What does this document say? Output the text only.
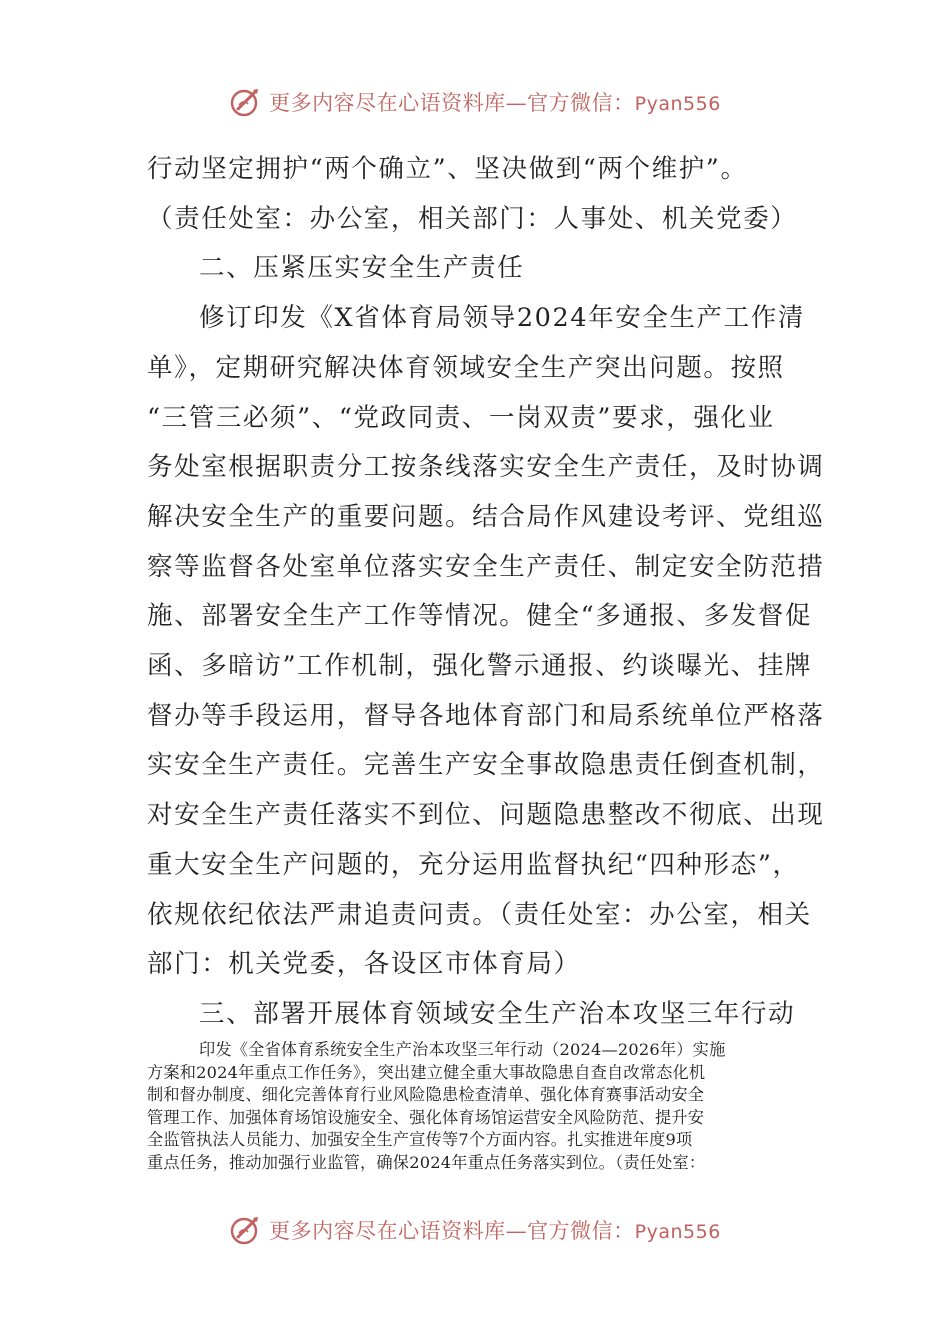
更多内容尽在心语资料库—官方微信：Pyan556

行动坚定拥护“两个确立”、坚决做到“两个维护”。

（责任处室：办公室，相关部门：人事处、机关党委）

二、压紧压实安全生产责任

修订印发《X省体育局领导2024年安全生产工作清

单》，定期研究解决体育领域安全生产突出问题。按照

“三管三必须”、“党政同责、一岗双责”要求，强化业

务处室根据职责分工按条线落实安全生产责任，及时协调

解决安全生产的重要问题。结合局作风建设考评、党组巡

察等监督各处室单位落实安全生产责任、制定安全防范措

施、部署安全生产工作等情况。健全“多通报、多发督促

函、多暗访”工作机制，强化警示通报、约谈曝光、挂牌

督办等手段运用，督导各地体育部门和局系统单位严格落

实安全生产责任。完善生产安全事故隐患责任倒查机制，

对安全生产责任落实不到位、问题隐患整改不彻底、出现

重大安全生产问题的，充分运用监督执纪“四种形态”，

依规依纪依法严肃追责问责。（责任处室：办公室，相关

部门：机关党委，各设区市体育局）

三、部署开展体育领域安全生产治本攻坚三年行动

印发《全省体育系统安全生产治本攻坚三年行动（2024—2026年）实施

方案和2024年重点工作任务》，突出建立健全重大事故隐患自查自改常态化机

制和督办制度、细化完善体育行业风险隐患检查清单、强化体育赛事活动安全

管理工作、加强体育场馆设施安全、强化体育场馆运营安全风险防范、提升安

全监管执法人员能力、加强安全生产宣传等7个方面内容。扎实推进年度9项

重点任务，推动加强行业监管，确保2024年重点任务落实到位。（责任处室：

更多内容尽在心语资料库—官方微信：Pyan556
